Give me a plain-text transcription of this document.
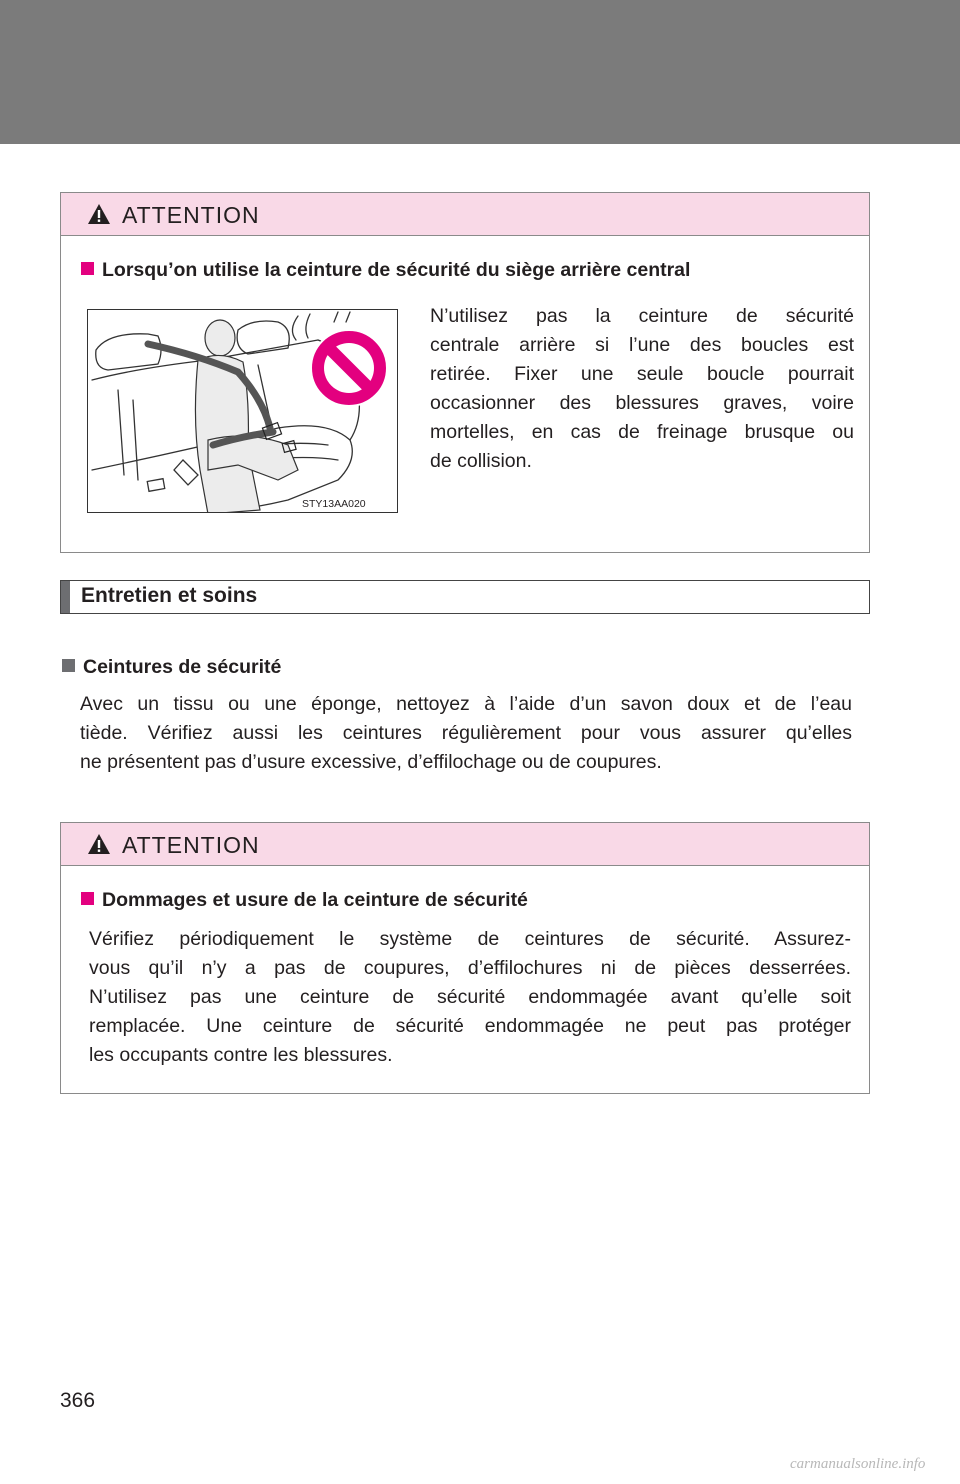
ATTENTION
Lorsqu’on utilise la ceinture de sécurité du siège arrière central
N’utilisez pas la ceinture de sécurité
centrale arrière si l’une des boucles est
retirée. Fixer une seule boucle pourrait
occasionner des blessures graves, voire
mortelles, en cas de freinage brusque ou
de collision.
STY13AA020
Entretien et soins
Ceintures de sécurité
Avec un tissu ou une éponge, nettoyez à l’aide d’un savon doux et de l’eau
tiède. Vérifiez aussi les ceintures régulièrement pour vous assurer qu’elles
ne présentent pas d’usure excessive, d’effilochage ou de coupures.
ATTENTION
Dommages et usure de la ceinture de sécurité
Vérifiez périodiquement le système de ceintures de sécurité. Assurez-
vous qu’il n’y a pas de coupures, d’effilochures ni de pièces desserrées.
N’utilisez pas une ceinture de sécurité endommagée avant qu’elle soit
remplacée. Une ceinture de sécurité endommagée ne peut pas protéger
les occupants contre les blessures.
366
carmanualsonline.info
